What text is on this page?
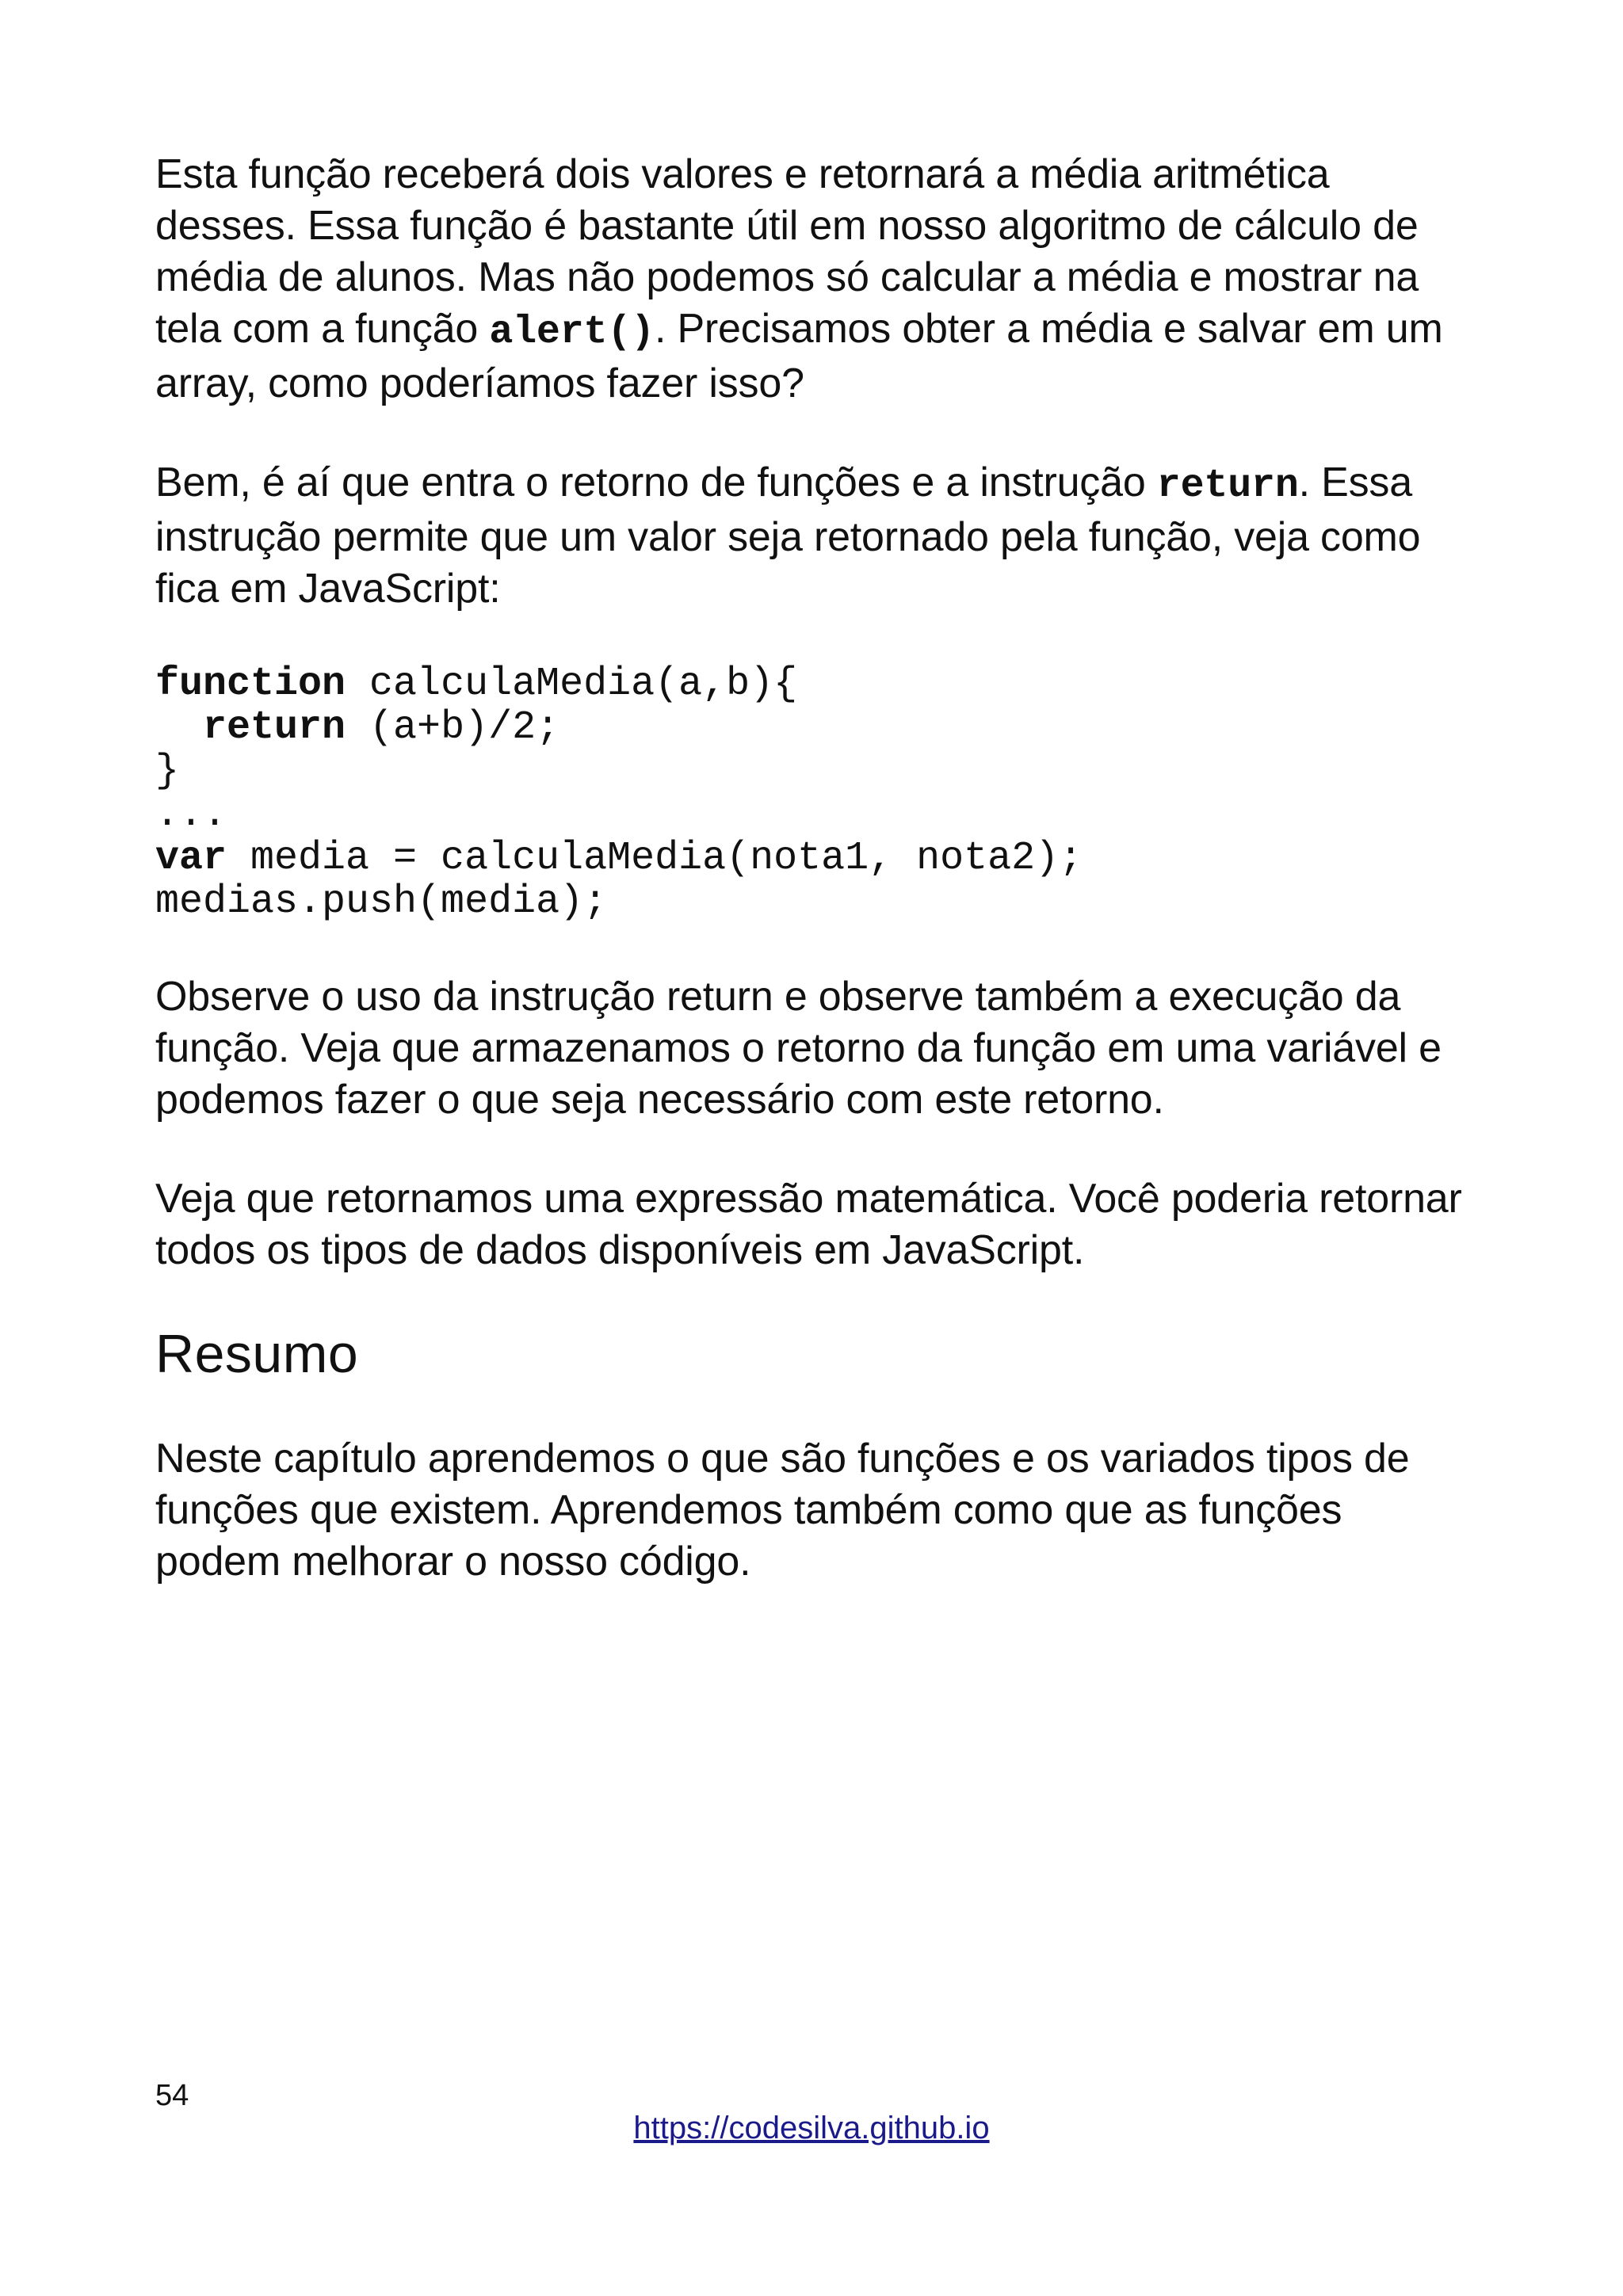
Esta função receberá dois valores e retornará a média aritmética desses. Essa função é bastante útil em nosso algoritmo de cálculo de média de alunos. Mas não podemos só calcular a média e mostrar na tela com a função alert(). Precisamos obter a média e salvar em um array, como poderíamos fazer isso?

Bem, é aí que entra o retorno de funções e a instrução return. Essa instrução permite que um valor seja retornado pela função, veja como fica em JavaScript:

function calculaMedia(a,b){
return (a+b)/2;
}
...
var media = calculaMedia(nota1, nota2);
medias.push(media);

Observe o uso da instrução return e observe também a execução da função. Veja que armazenamos o retorno da função em uma variável e podemos fazer o que seja necessário com este retorno.

Veja que retornamos uma expressão matemática. Você poderia retornar todos os tipos de dados disponíveis em JavaScript.

Resumo

Neste capítulo aprendemos o que são funções e os variados tipos de funções que existem. Aprendemos também como que as funções podem melhorar o nosso código.

54
https://codesilva.github.io
